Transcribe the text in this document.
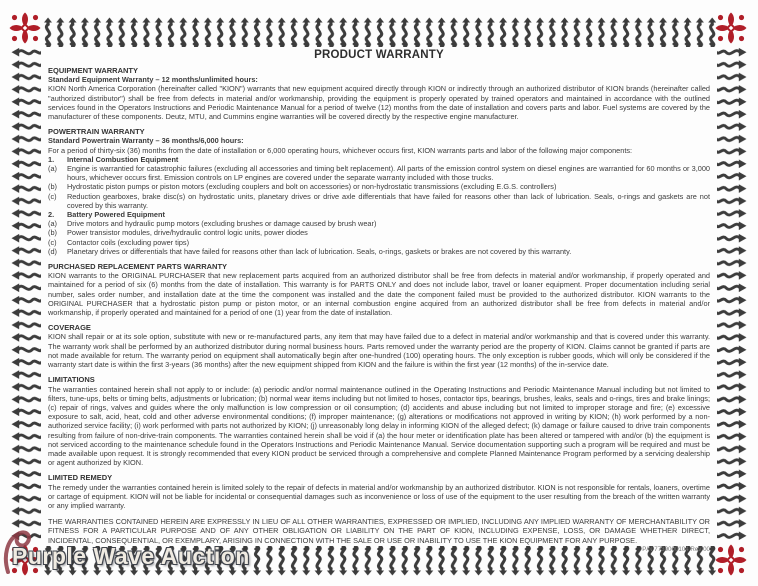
PRODUCT WARRANTY
EQUIPMENT WARRANTY

Standard Equipment Warranty – 12 months/unlimited hours:

KION North America Corporation (hereinafter called "KION") warrants that new equipment acquired directly through KION or indirectly through an authorized distributor of KION brands (hereinafter called "authorized distributor") shall be free from defects in material and/or workmanship, providing the equipment is properly operated by trained operators and maintained in accordance with the outlined services found in the Operators Instructions and Periodic Maintenance Manual for a period of twelve (12) months from the date of installation and covers parts and labor. Fuel systems are covered by the manufacturer of these components. Deutz, MTU, and Cummins engine warranties will be covered directly by the respective engine manufacturer.

POWERTRAIN WARRANTY

Standard Powertrain Warranty – 36 months/6,000 hours:

For a period of thirty-six (36) months from the date of installation or 6,000 operating hours, whichever occurs first, KION warrants parts and labor of the following major components:

1.	Internal Combustion Equipment
(a)	Engine is warrantied for catastrophic failures (excluding all accessories and timing belt replacement). All parts of the emission control system on diesel engines are warrantied for 60 months or 3,000 hours, whichever occurs first. Emission controls on LP engines are covered under the separate warranty included with those trucks.
(b)	Hydrostatic piston pumps or piston motors (excluding couplers and bolt on accessories) or non-hydrostatic transmissions (excluding E.G.S. controllers)
(c)	Reduction gearboxes, brake disc(s) on hydrostatic units, planetary drives or drive axle differentials that have failed for reasons other than lack of lubrication. Seals, o-rings and gaskets are not covered by this warranty.
2.	Battery Powered Equipment
(a)	Drive motors and hydraulic pump motors (excluding brushes or damage caused by brush wear)
(b)	Power transistor modules, drive/hydraulic control logic units, power diodes
(c)	Contactor coils (excluding power tips)
(d)	Planetary drives or differentials that have failed for reasons other than lack of lubrication. Seals, o-rings, gaskets or brakes are not covered by this warranty.
PURCHASED REPLACEMENT PARTS WARRANTY

KION warrants to the ORIGINAL PURCHASER that new replacement parts acquired from an authorized distributor shall be free from defects in material and/or workmanship, if properly operated and maintained for a period of six (6) months from the date of installation. This warranty is for PARTS ONLY and does not include labor, travel or loaner equipment. Proper documentation including serial number, sales order number, and installation date at the time the component was installed and the date the component failed must be provided to the authorized distributor. KION warrants to the ORIGINAL PURCHASER that a hydrostatic piston pump or piston motor, or an internal combustion engine acquired from an authorized distributor shall be free from defects in material and/or workmanship, if properly operated and maintained for a period of one (1) year from the date of installation.

COVERAGE

KION shall repair or at its sole option, substitute with new or re-manufactured parts, any item that may have failed due to a defect in material and/or workmanship and that is covered under this warranty. The warranty work shall be performed by an authorized distributor during normal business hours. Parts removed under the warranty period are the property of KION. Claims cannot be granted if parts are not made available for return. The warranty period on equipment shall automatically begin after one-hundred (100) operating hours. The only exception is rubber goods, which will only be considered if the warranty start date is within the first 3-years (36 months) after the new equipment shipped from KION and the failure is within the first year (12 months) of the in-service date.

LIMITATIONS

The warranties contained herein shall not apply to or include: (a) periodic and/or normal maintenance outlined in the Operating Instructions and Periodic Maintenance Manual including but not limited to filters, tune-ups, belts or timing belts, adjustments or lubrication; (b) normal wear items including but not limited to hoses, contactor tips, bearings, brushes, leaks, seals and o-rings, tires and brake linings; (c) repair of rings, valves and guides where the only malfunction is low compression or oil consumption; (d) accidents and abuse including but not limited to improper storage and fire; (e) excessive exposure to salt, acid, heat, cold and other adverse environmental conditions; (f) improper maintenance; (g) alterations or modifications not approved in writing by KION; (h) work performed by a non-authorized service facility; (i) work performed with parts not authorized by KION; (j) unreasonably long delay in informing KION of the alleged defect; (k) damage or failure caused to drive train components resulting from failure of non-drive-train components. The warranties contained herein shall be void if (a) the hour meter or identification plate has been altered or tampered with and/or (b) the equipment is not serviced according to the maintenance schedule found in the Operators Instructions and Periodic Maintenance Manual. Service documentation supporting such a program will be required and must be made available upon request. It is strongly recommended that every KION product be serviced through a comprehensive and complete Planned Maintenance Program performed by a servicing dealership or agent authorized by KION.

LIMITED REMEDY

The remedy under the warranties contained herein is limited solely to the repair of defects in material and/or workmanship by an authorized distributor. KION is not responsible for rentals, loaners, overtime or cartage of equipment. KION will not be liable for incidental or consequential damages such as inconvenience or loss of use of the equipment to the user resulting from the breach of the written warranty or any implied warranty.

THE WARRANTIES CONTAINED HEREIN ARE EXPRESSLY IN LIEU OF ALL OTHER WARRANTIES, EXPRESSED OR IMPLIED, INCLUDING ANY IMPLIED WARRANTY OF MERCHANTABILITY OR FITNESS FOR A PARTICULAR PURPOSE AND OF ANY OTHER OBLIGATION OR LIABILITY ON THE PART OF KION, INCLUDING EXPENSE, LOSS, OR DAMAGE WHETHER DIRECT, INCIDENTAL, CONSEQUENTIAL, OR EXEMPLARY, ARISING IN CONNECTION WITH THE SALE OR USE OR INABILITY TO USE THE KION EQUIPMENT FOR ANY PURPOSE.

P/N 7739000104 Rev 00
Purple Wave Auction
